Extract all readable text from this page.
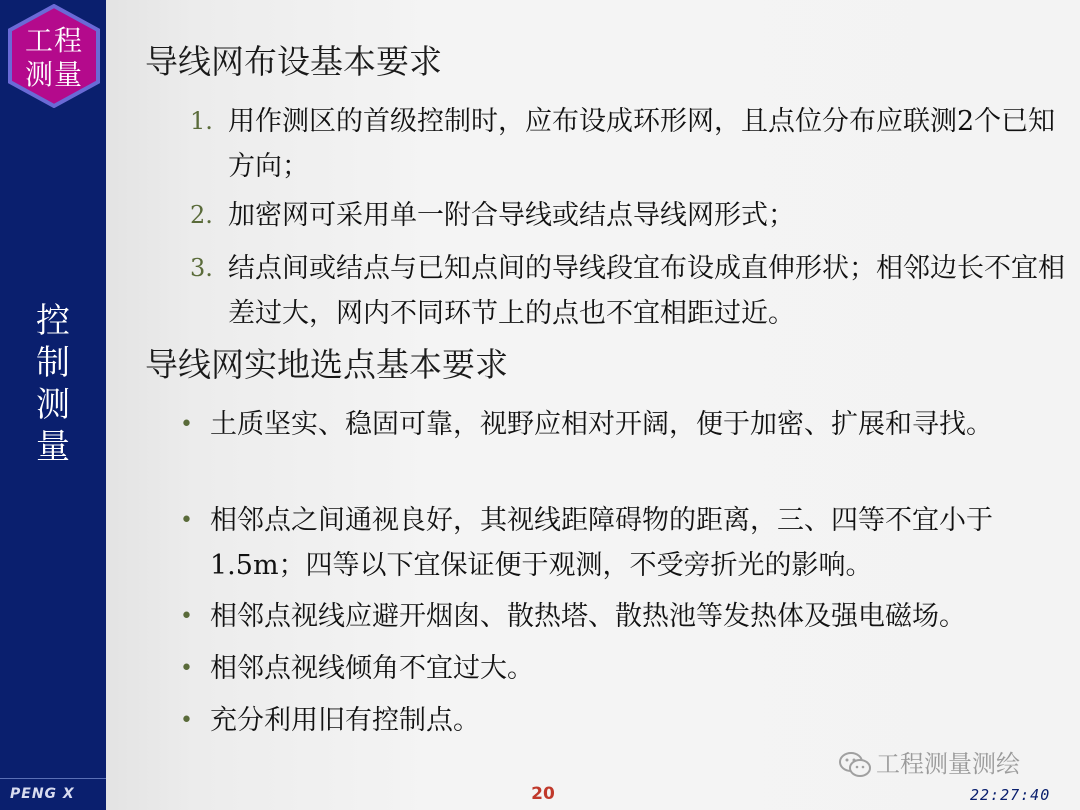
工程
测量
控
制
测
量
PENG X
导线网布设基本要求
1. 用作测区的首级控制时，应布设成环形网，且点位分布应联测2个已知方向；
2. 加密网可采用单一附合导线或结点导线网形式；
3. 结点间或结点与已知点间的导线段宜布设成直伸形状；相邻边长不宜相差过大，网内不同环节上的点也不宜相距过近。
导线网实地选点基本要求
• 土质坚实、稳固可靠，视野应相对开阔，便于加密、扩展和寻找。
• 相邻点之间通视良好，其视线距障碍物的距离，三、四等不宜小于1.5m；四等以下宜保证便于观测，不受旁折光的影响。
• 相邻点视线应避开烟囱、散热塔、散热池等发热体及强电磁场。
• 相邻点视线倾角不宜过大。
• 充分利用旧有控制点。
工程测量测绘
20	22:27:40
